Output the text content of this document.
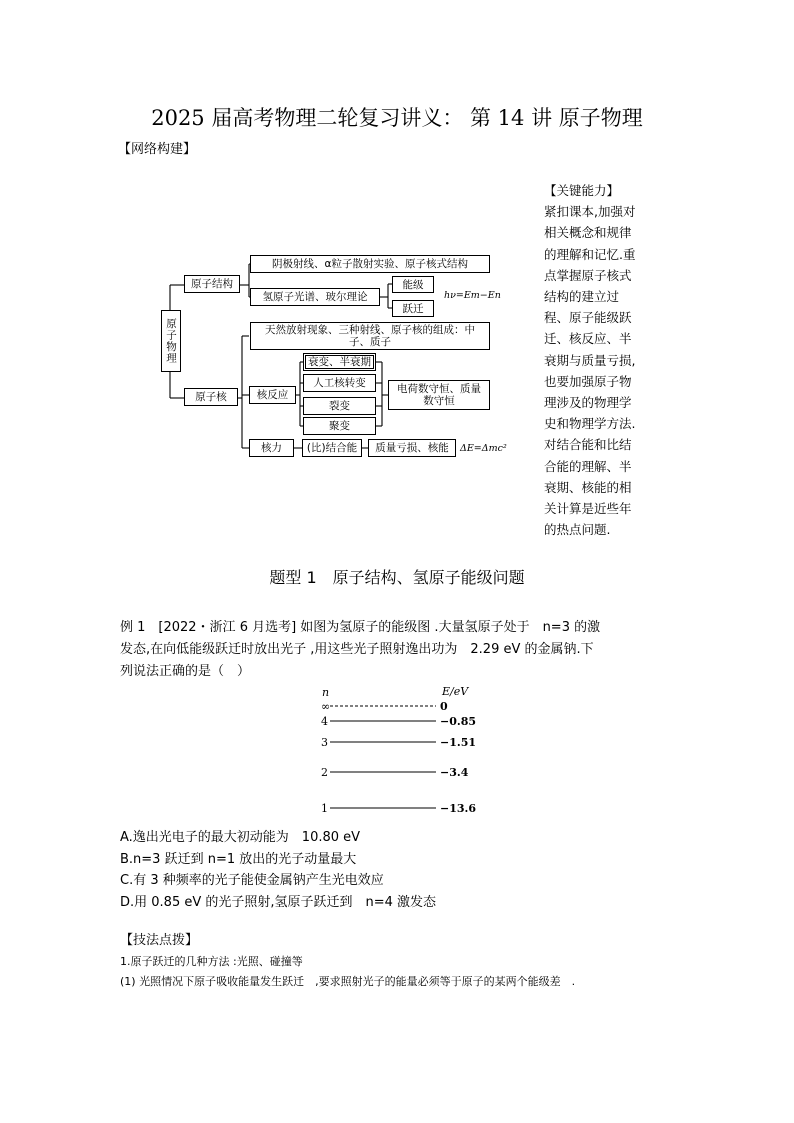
2025 届高考物理二轮复习讲义： 第 14 讲 原子物理
【网络构建】
原子物理
原子结构
阴极射线、α粒子散射实验、原子核式结构
氢原子光谱、玻尔理论
能级
跃迁
hν=Em−En
天然放射现象、三种射线、原子核的组成：中子、质子
原子核	核反应
衰变、半衰期
人工核转变
裂变
聚变
电荷数守恒、质量数守恒
核力	(比)结合能	质量亏损、核能	ΔE=Δmc²

【关键能力】

紧扣课本,加强对

相关概念和规律

的理解和记忆.重

点掌握原子核式

结构的建立过

程、原子能级跃

迁、核反应、半

衰期与质量亏损,

也要加强原子物

理涉及的物理学

史和物理学方法.

对结合能和比结

合能的理解、半

衰期、核能的相

关计算是近些年

的热点问题.

题型 1　原子结构、氢原子能级问题

例 1　[2022・浙江 6 月选考] 如图为氢原子的能级图 .大量氢原子处于　n=3 的激

发态,在向低能级跃迁时放出光子 ,用这些光子照射逸出功为　2.29 eV 的金属钠.下

列说法正确的是（　）

∞	0
4	−0.85
3	−1.51
2	−3.4
1	−13.6
n	E/eV

A.逸出光电子的最大初动能为　10.80 eV

B.n=3 跃迁到 n=1 放出的光子动量最大

C.有 3 种频率的光子能使金属钠产生光电效应

D.用 0.85 eV 的光子照射,氢原子跃迁到　n=4 激发态

【技法点拨】

1.原子跃迁的几种方法 :光照、碰撞等

(1) 光照情况下原子吸收能量发生跃迁　,要求照射光子的能量必须等于原子的某两个能级差　.
